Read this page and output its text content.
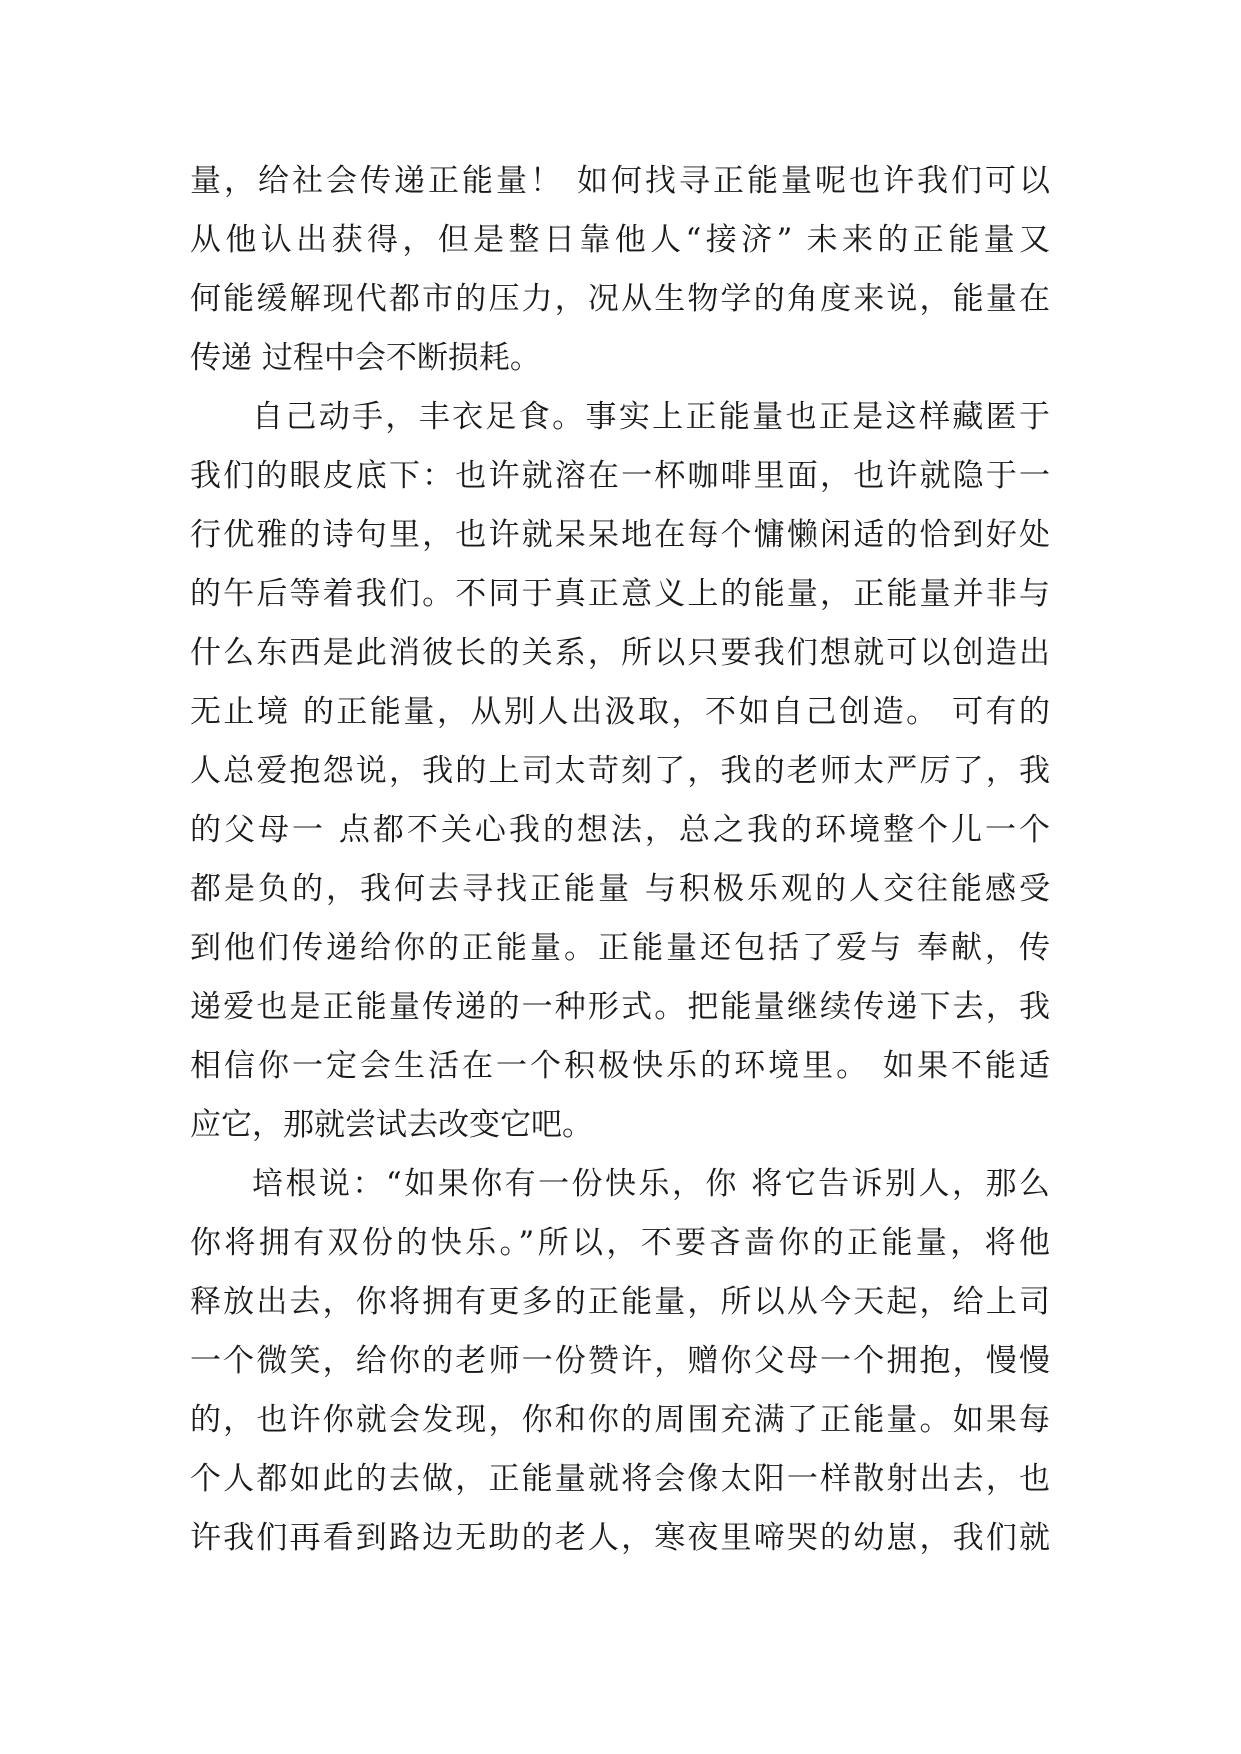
量，给社会传递正能量！ 如何找寻正能量呢也许我们可以
从他认出获得，但是整日靠他人“接济” 未来的正能量又
何能缓解现代都市的压力，况从生物学的角度来说，能量在
传递 过程中会不断损耗。
自己动手，丰衣足食。事实上正能量也正是这样藏匿于
我们的眼皮底下：也许就溶在一杯咖啡里面，也许就隐于一
行优雅的诗句里，也许就呆呆地在每个慵懒闲适的恰到好处
的午后等着我们。不同于真正意义上的能量，正能量并非与
什么东西是此消彼长的关系，所以只要我们想就可以创造出
无止境 的正能量，从别人出汲取，不如自己创造。 可有的
人总爱抱怨说，我的上司太苛刻了，我的老师太严厉了，我
的父母一 点都不关心我的想法，总之我的环境整个儿一个
都是负的，我何去寻找正能量 与积极乐观的人交往能感受
到他们传递给你的正能量。正能量还包括了爱与 奉献，传
递爱也是正能量传递的一种形式。把能量继续传递下去，我
相信你一定会生活在一个积极快乐的环境里。 如果不能适
应它，那就尝试去改变它吧。
培根说：“如果你有一份快乐，你 将它告诉别人，那么
你将拥有双份的快乐。”所以，不要吝啬你的正能量，将他
释放出去，你将拥有更多的正能量，所以从今天起，给上司
一个微笑，给你的老师一份赞许，赠你父母一个拥抱，慢慢
的，也许你就会发现，你和你的周围充满了正能量。如果每
个人都如此的去做，正能量就将会像太阳一样散射出去，也
许我们再看到路边无助的老人，寒夜里啼哭的幼崽，我们就
